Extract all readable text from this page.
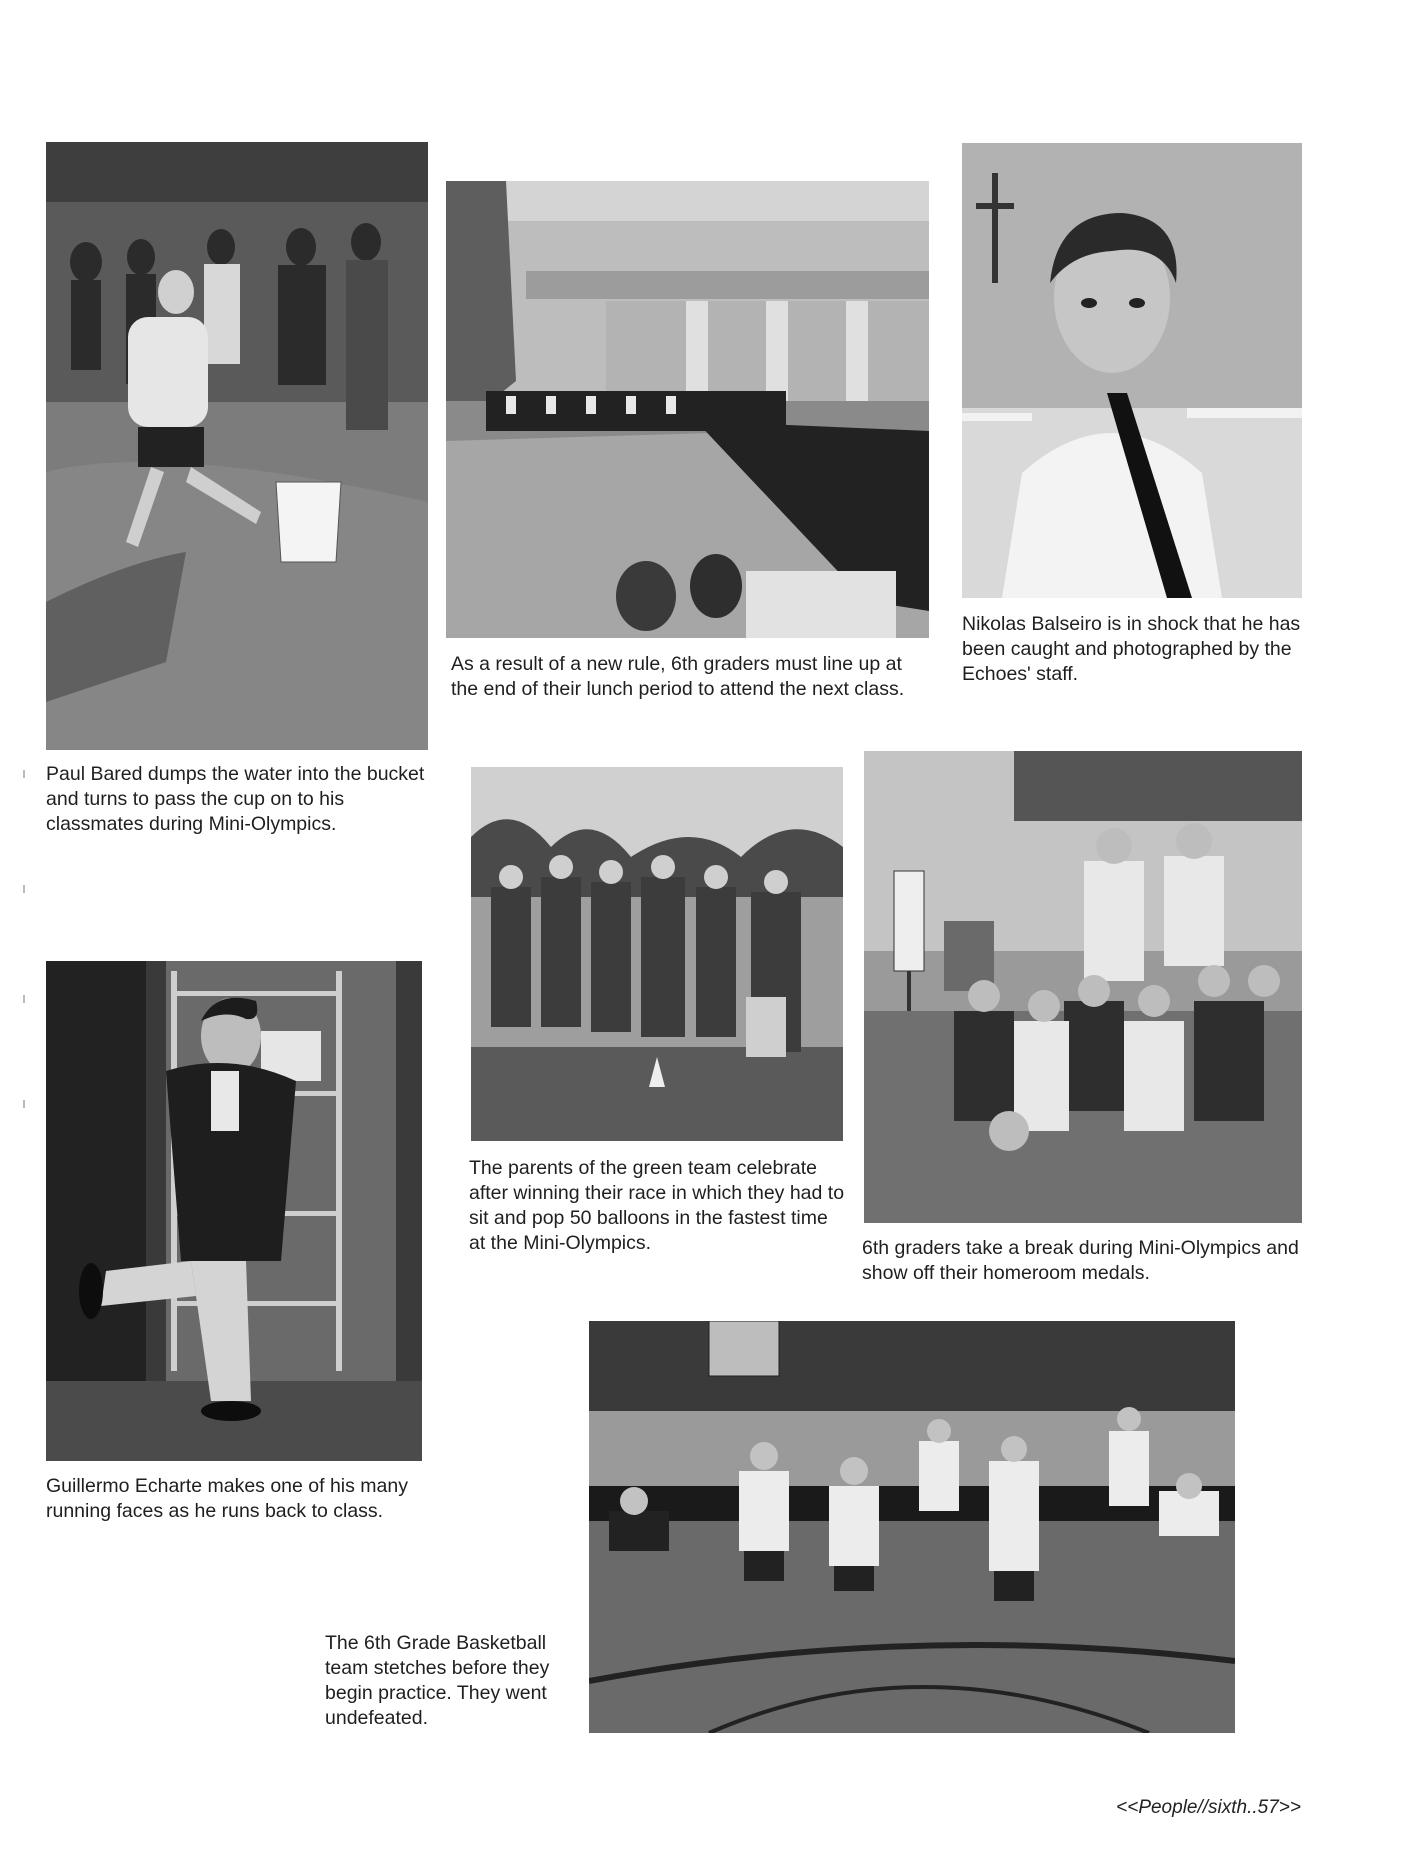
Paul Bared dumps the water into the bucket and turns to pass the cup on to his classmates during Mini-Olympics.
As a result of a new rule, 6th graders must line up at the end of their lunch period to attend the next class.
Nikolas Balseiro is in shock that he has been caught and photographed by the Echoes' staff.
The parents of the green team celebrate after winning their race in which they had to sit and pop 50 balloons in the fastest time at the Mini-Olympics.	6th graders take a break during Mini-Olympics and show off their homeroom medals.
Guillermo Echarte makes one of his many running faces as he runs back to class.
The 6th Grade Basketball team stetches before they begin practice. They went undefeated.
<<People//sixth..57>>
